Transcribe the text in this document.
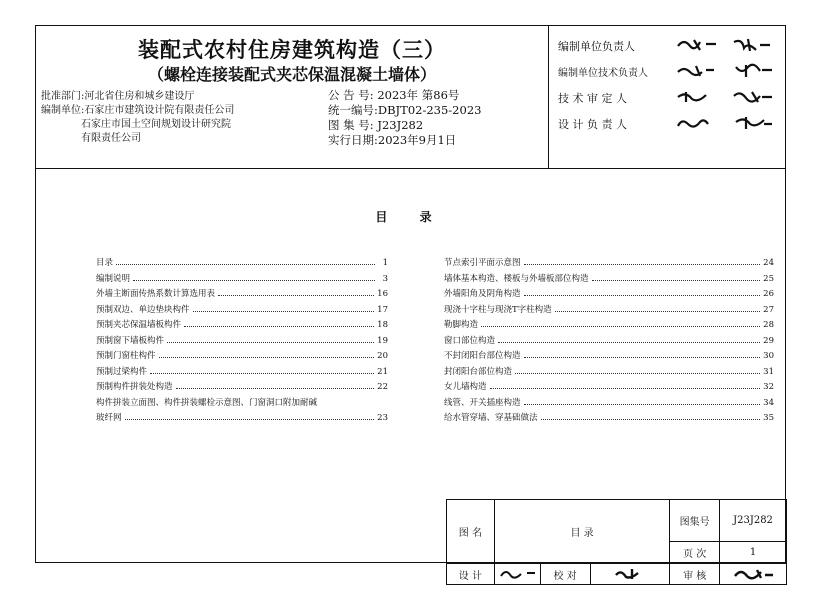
装配式农村住房建筑构造（三）
（螺栓连接装配式夹芯保温混凝土墙体）
批准部门:河北省住房和城乡建设厅
编制单位:石家庄市建筑设计院有限责任公司
石家庄市国土空间规划设计研究院
有限责任公司
公 告 号: 2023年 第86号
统一编号:DBJT02-235-2023
图 集 号: J23J282
实行日期:2023年9月1日
编制单位负责人
编制单位技术负责人
技 术 审 定 人
设 计 负 责 人
目 录
目录	1
编制说明	3
外墙主断面传热系数计算选用表	16
预制双边、单边垫块构件	17
预制夹芯保温墙板构件	18
预制窗下墙板构件	19
预制门窗柱构件	20
预制过梁构件	21
预制构件拼装处构造	22
构件拼装立面图、构件拼装螺栓示意图、门窗洞口附加耐碱
玻纤网	23
节点索引平面示意图	24
墙体基本构造、楼板与外墙板部位构造	25
外墙阳角及阴角构造	26
现浇十字柱与现浇T字柱构造	27
勒脚构造	28
窗口部位构造	29
不封闭阳台部位构造	30
封闭阳台部位构造	31
女儿墙构造	32
线管、开关插座构造	34
给水管穿墙、穿基础做法	35
图 名	目 录			图集号	J23J282
				页 次	1
设 计		校 对		审 核	
